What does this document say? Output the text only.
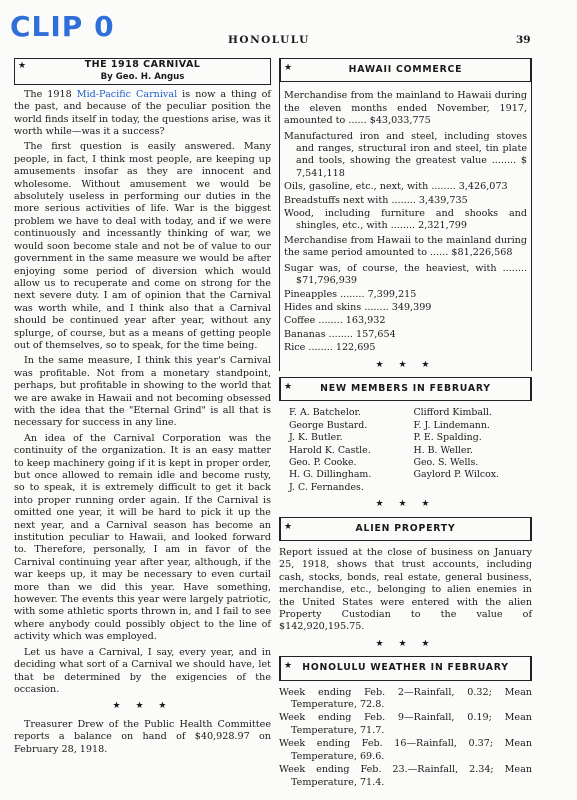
CLIP 0	HONOLULU	39
★	THE 1918 CARNIVAL
By Geo. H. Angus

The 1918 Mid-Pacific Carnival is now a thing of the past, and because of the peculiar position the world finds itself in today, the questions arise, was it worth while—was it a success?

The first question is easily answered. Many people, in fact, I think most people, are keeping up amusements insofar as they are innocent and wholesome. Without amusement we would be absolutely useless in performing our duties in the more serious activities of life. War is the biggest problem we have to deal with today, and if we were continuously and incessantly thinking of war, we would soon become stale and not be of value to our government in the same measure we would be after enjoying some period of diversion which would allow us to recuperate and come on strong for the next severe duty. I am of opinion that the Carnival was worth while, and I think also that a Carnival should be continued year after year, without any splurge, of course, but as a means of getting people out of themselves, so to speak, for the time being.

In the same measure, I think this year's Carnival was profitable. Not from a monetary standpoint, perhaps, but profitable in showing to the world that we are awake in Hawaii and not becoming obsessed with the idea that the "Eternal Grind" is all that is necessary for success in any line.

An idea of the Carnival Corporation was the continuity of the organization. It is an easy matter to keep machinery going if it is kept in proper order, but once allowed to remain idle and become rusty, so to speak, it is extremely difficult to get it back into proper running order again. If the Carnival is omitted one year, it will be hard to pick it up the next year, and a Carnival season has become an institution peculiar to Hawaii, and looked forward to. Therefore, personally, I am in favor of the Carnival continuing year after year, although, if the war keeps up, it may be necessary to even curtail more than we did this year. Have something, however. The events this year were largely patriotic, with some athletic sports thrown in, and I fail to see where anybody could possibly object to the line of activity which was employed.

Let us have a Carnival, I say, every year, and in deciding what sort of a Carnival we should have, let that be determined by the exigencies of the occasion.

★ ★ ★

Treasurer Drew of the Public Health Committee reports a balance on hand of $40,928.97 on February 28, 1918.

★	HAWAII COMMERCE

Merchandise from the mainland to Hawaii during the eleven months ended November, 1917, amounted to ...... $43,033,775

Manufactured iron and steel, including stoves and ranges, structural iron and steel, tin plate and tools, showing the greatest value ........ $ 7,541,118
Oils, gasoline, etc., next, with ........ 3,426,073
Breadstuffs next with ........ 3,439,735
Wood, including furniture and shooks and shingles, etc., with ........ 2,321,799

Merchandise from Hawaii to the mainland during the same period amounted to ...... $81,226,568

Sugar was, of course, the heaviest, with ........ $71,796,939
Pineapples ........ 7,399,215
Hides and skins ........ 349,399
Coffee ........ 163,932
Bananas ........ 157,654
Rice ........ 122,695
★ ★ ★
★	NEW MEMBERS IN FEBRUARY
F. A. Batchelor.	Clifford Kimball.
George Bustard.	F. J. Lindemann.
J. K. Butler.	P. E. Spalding.
Harold K. Castle.	H. B. Weller.
Geo. P. Cooke.	Geo. S. Wells.
H. G. Dillingham.	Gaylord P. Wilcox.
J. C. Fernandes.
★ ★ ★
★	ALIEN PROPERTY

Report issued at the close of business on January 25, 1918, shows that trust accounts, including cash, stocks, bonds, real estate, general business, merchandise, etc., belonging to alien enemies in the United States were entered with the alien Property Custodian to the value of $142,920,195.75.

★ ★ ★
★ HONOLULU WEATHER IN FEBRUARY
Week ending Feb. 2—Rainfall, 0.32; Mean Temperature, 72.8.
Week ending Feb. 9—Rainfall, 0.19; Mean Temperature, 71.7.
Week ending Feb. 16—Rainfall, 0.37; Mean Temperature, 69.6.
Week ending Feb. 23.—Rainfall, 2.34; Mean Temperature, 71.4.
